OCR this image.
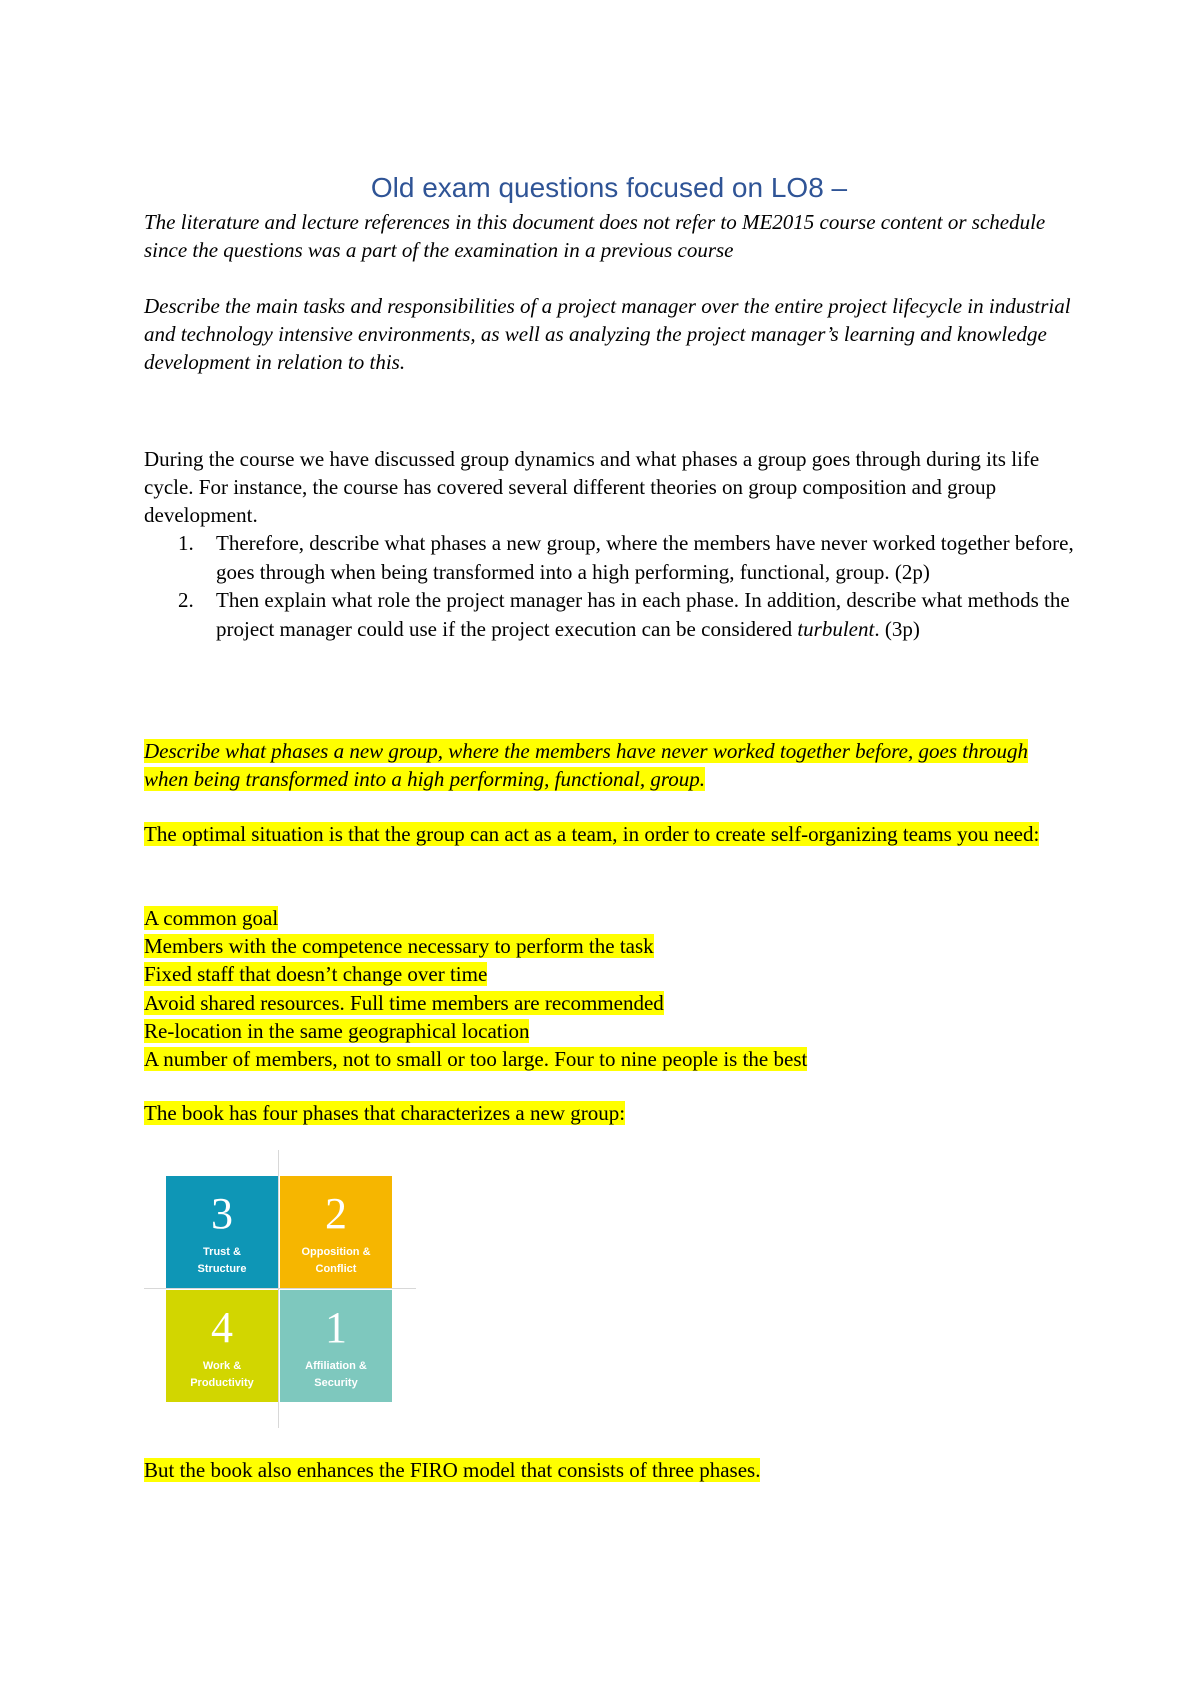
Old exam questions focused on LO8 –

The literature and lecture references in this document does not refer to ME2015 course content or schedule since the questions was a part of the examination in a previous course

Describe the main tasks and responsibilities of a project manager over the entire project lifecycle in industrial and technology intensive environments, as well as analyzing the project manager’s learning and knowledge development in relation to this.

During the course we have discussed group dynamics and what phases a group goes through during its life cycle. For instance, the course has covered several different theories on group composition and group development.

1. Therefore, describe what phases a new group, where the members have never worked together before, goes through when being transformed into a high performing, functional, group. (2p)
2. Then explain what role the project manager has in each phase. In addition, describe what methods the project manager could use if the project execution can be considered turbulent. (3p)

Describe what phases a new group, where the members have never worked together before, goes through when being transformed into a high performing, functional, group.

The optimal situation is that the group can act as a team, in order to create self-organizing teams you need:

A common goal
Members with the competence necessary to perform the task
Fixed staff that doesn’t change over time
Avoid shared resources. Full time members are recommended
Re-location in the same geographical location
A number of members, not to small or too large. Four to nine people is the best

The book has four phases that characterizes a new group:

3
Trust &
Structure
2
Opposition &
Conflict
4
Work &
Productivity
1
Affiliation &
Security

But the book also enhances the FIRO model that consists of three phases.
